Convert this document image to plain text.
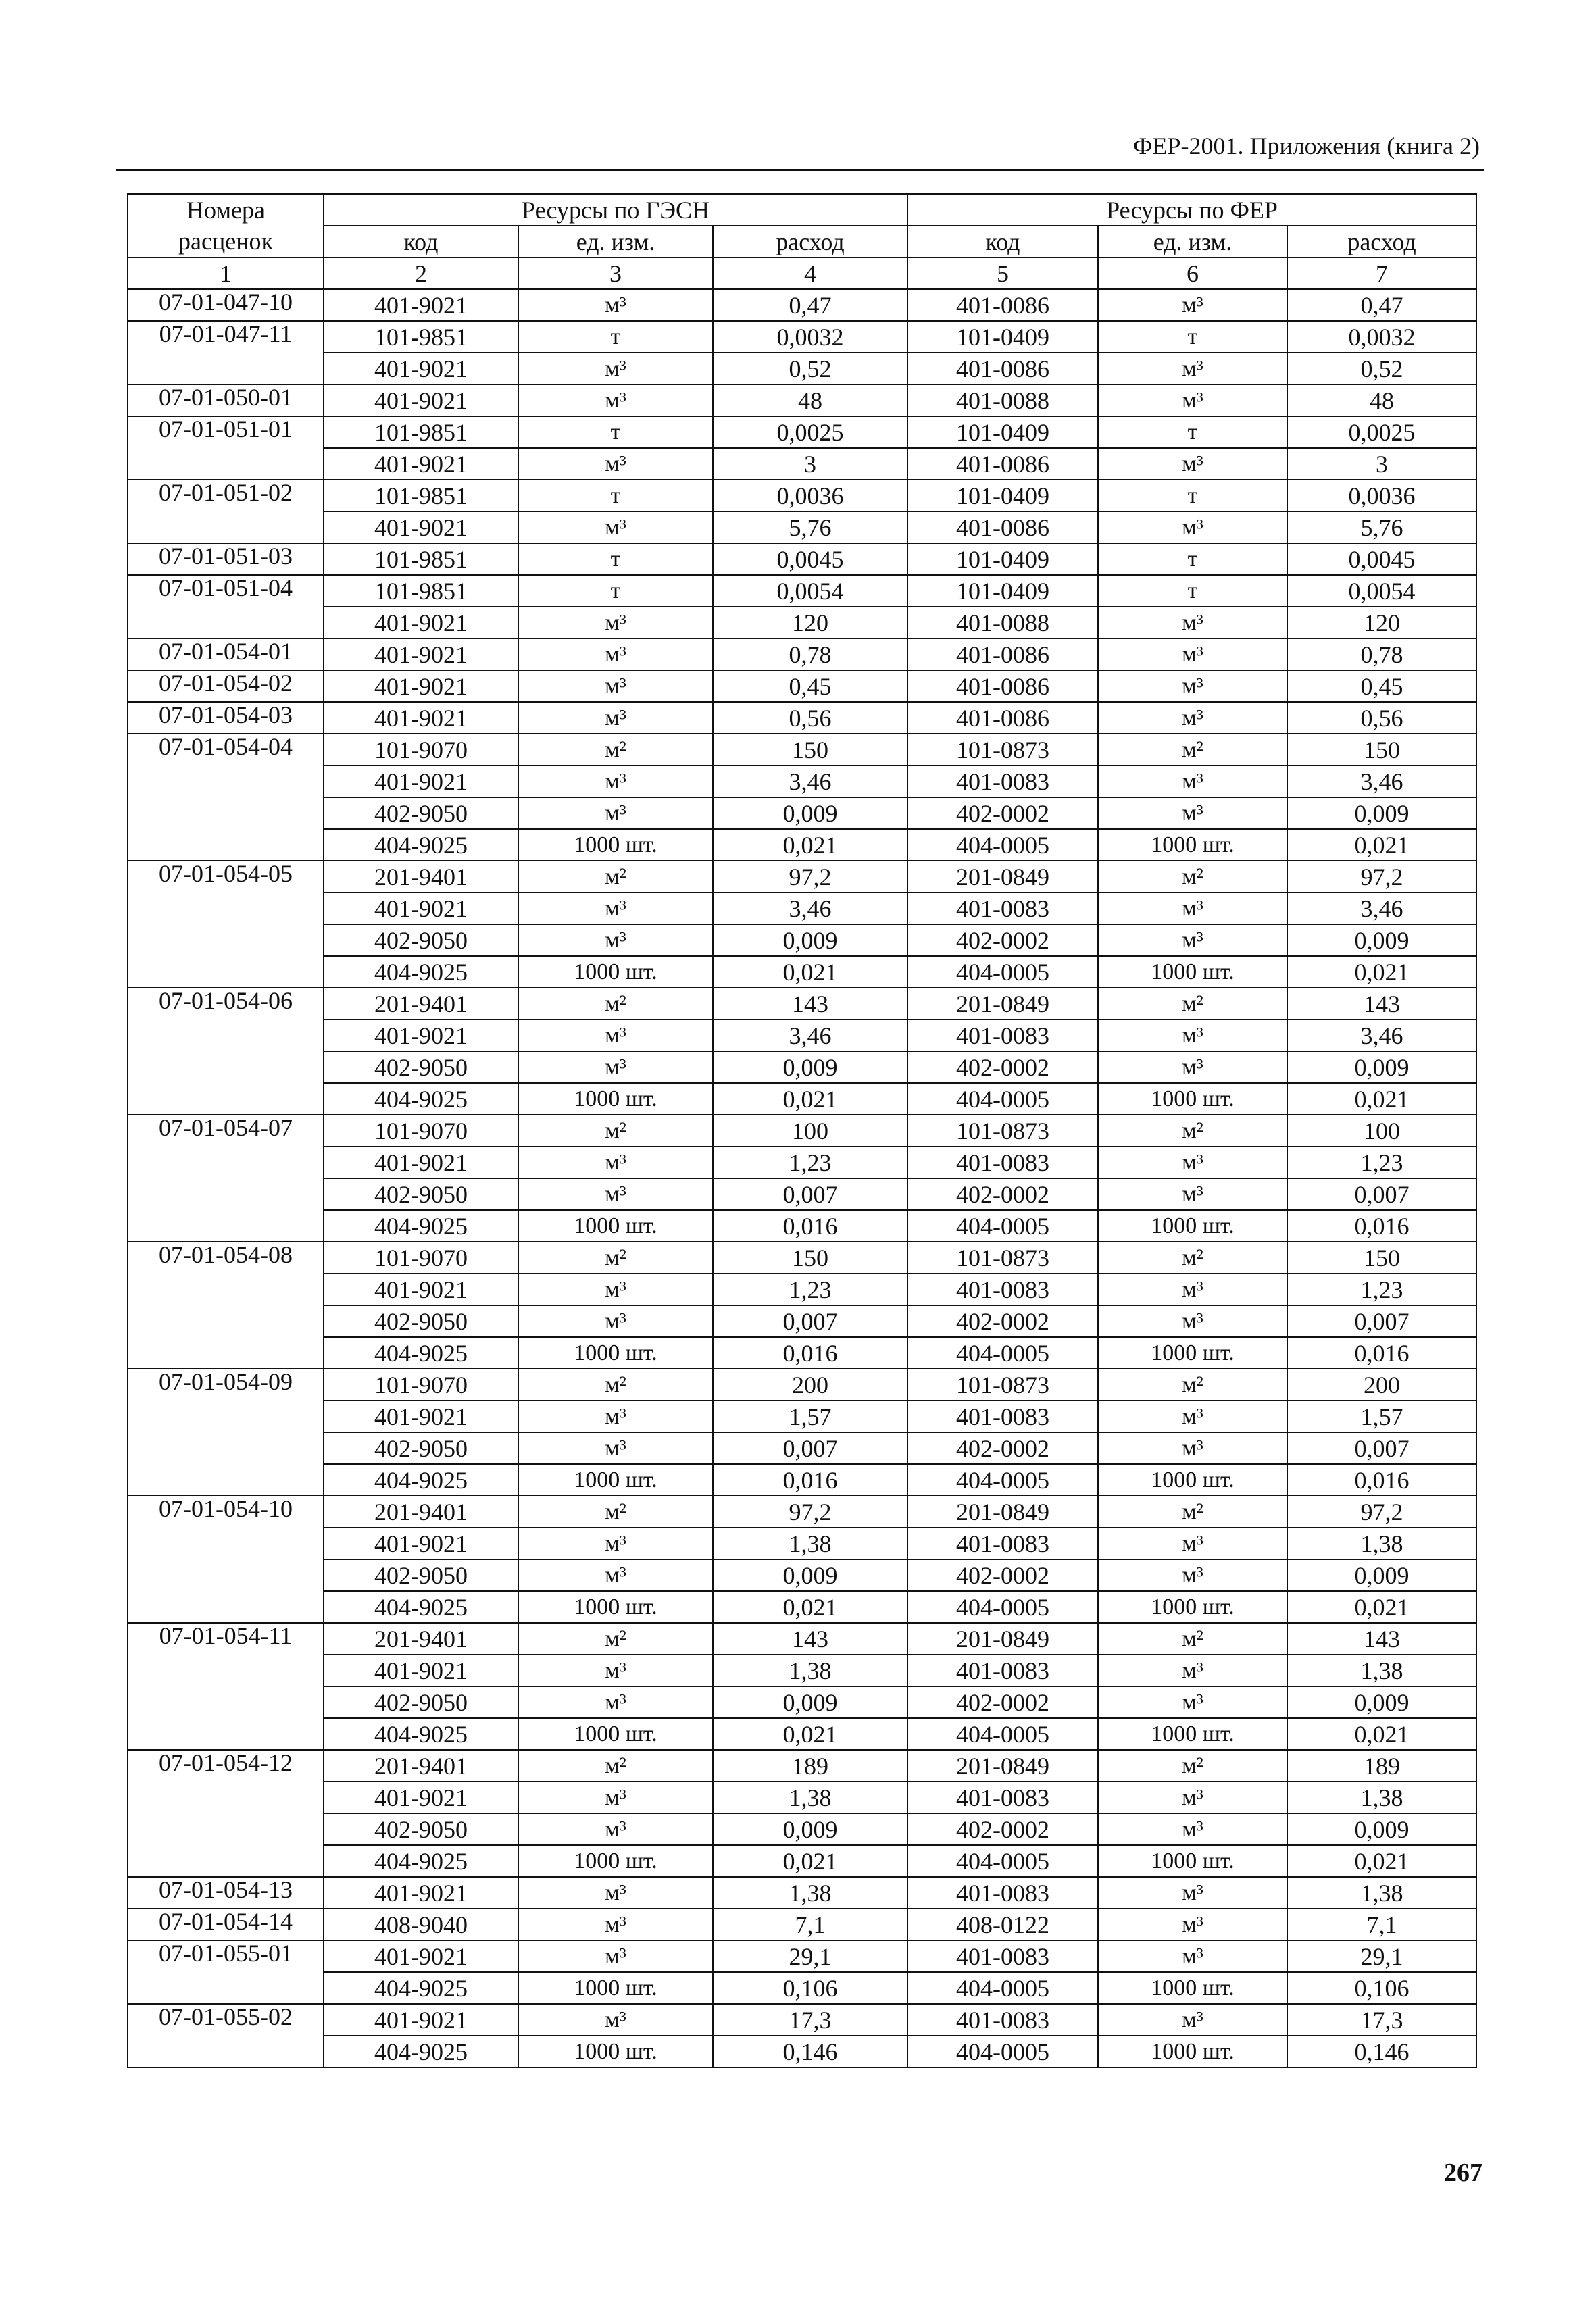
ФЕР-2001. Приложения (книга 2)
Номера	Ресурсы по ГЭСН			Ресурсы по ФЕР		
расценок	код	ед. изм.	расход	код	ед. изм.	расход
1	2	3	4	5	6	7
07-01-047-10	401-9021	м³	0,47	401-0086	м³	0,47
07-01-047-11	101-9851	т	0,0032	101-0409	т	0,0032
	401-9021	м³	0,52	401-0086	м³	0,52
07-01-050-01	401-9021	м³	48	401-0088	м³	48
07-01-051-01	101-9851	т	0,0025	101-0409	т	0,0025
	401-9021	м³	3	401-0086	м³	3
07-01-051-02	101-9851	т	0,0036	101-0409	т	0,0036
	401-9021	м³	5,76	401-0086	м³	5,76
07-01-051-03	101-9851	т	0,0045	101-0409	т	0,0045
07-01-051-04	101-9851	т	0,0054	101-0409	т	0,0054
	401-9021	м³	120	401-0088	м³	120
07-01-054-01	401-9021	м³	0,78	401-0086	м³	0,78
07-01-054-02	401-9021	м³	0,45	401-0086	м³	0,45
07-01-054-03	401-9021	м³	0,56	401-0086	м³	0,56
07-01-054-04	101-9070	м²	150	101-0873	м²	150
	401-9021	м³	3,46	401-0083	м³	3,46
	402-9050	м³	0,009	402-0002	м³	0,009
	404-9025	1000 шт.	0,021	404-0005	1000 шт.	0,021
07-01-054-05	201-9401	м²	97,2	201-0849	м²	97,2
	401-9021	м³	3,46	401-0083	м³	3,46
	402-9050	м³	0,009	402-0002	м³	0,009
	404-9025	1000 шт.	0,021	404-0005	1000 шт.	0,021
07-01-054-06	201-9401	м²	143	201-0849	м²	143
	401-9021	м³	3,46	401-0083	м³	3,46
	402-9050	м³	0,009	402-0002	м³	0,009
	404-9025	1000 шт.	0,021	404-0005	1000 шт.	0,021
07-01-054-07	101-9070	м²	100	101-0873	м²	100
	401-9021	м³	1,23	401-0083	м³	1,23
	402-9050	м³	0,007	402-0002	м³	0,007
	404-9025	1000 шт.	0,016	404-0005	1000 шт.	0,016
07-01-054-08	101-9070	м²	150	101-0873	м²	150
	401-9021	м³	1,23	401-0083	м³	1,23
	402-9050	м³	0,007	402-0002	м³	0,007
	404-9025	1000 шт.	0,016	404-0005	1000 шт.	0,016
07-01-054-09	101-9070	м²	200	101-0873	м²	200
	401-9021	м³	1,57	401-0083	м³	1,57
	402-9050	м³	0,007	402-0002	м³	0,007
	404-9025	1000 шт.	0,016	404-0005	1000 шт.	0,016
07-01-054-10	201-9401	м²	97,2	201-0849	м²	97,2
	401-9021	м³	1,38	401-0083	м³	1,38
	402-9050	м³	0,009	402-0002	м³	0,009
	404-9025	1000 шт.	0,021	404-0005	1000 шт.	0,021
07-01-054-11	201-9401	м²	143	201-0849	м²	143
	401-9021	м³	1,38	401-0083	м³	1,38
	402-9050	м³	0,009	402-0002	м³	0,009
	404-9025	1000 шт.	0,021	404-0005	1000 шт.	0,021
07-01-054-12	201-9401	м²	189	201-0849	м²	189
	401-9021	м³	1,38	401-0083	м³	1,38
	402-9050	м³	0,009	402-0002	м³	0,009
	404-9025	1000 шт.	0,021	404-0005	1000 шт.	0,021
07-01-054-13	401-9021	м³	1,38	401-0083	м³	1,38
07-01-054-14	408-9040	м³	7,1	408-0122	м³	7,1
07-01-055-01	401-9021	м³	29,1	401-0083	м³	29,1
	404-9025	1000 шт.	0,106	404-0005	1000 шт.	0,106
07-01-055-02	401-9021	м³	17,3	401-0083	м³	17,3
	404-9025	1000 шт.	0,146	404-0005	1000 шт.	0,146
267
